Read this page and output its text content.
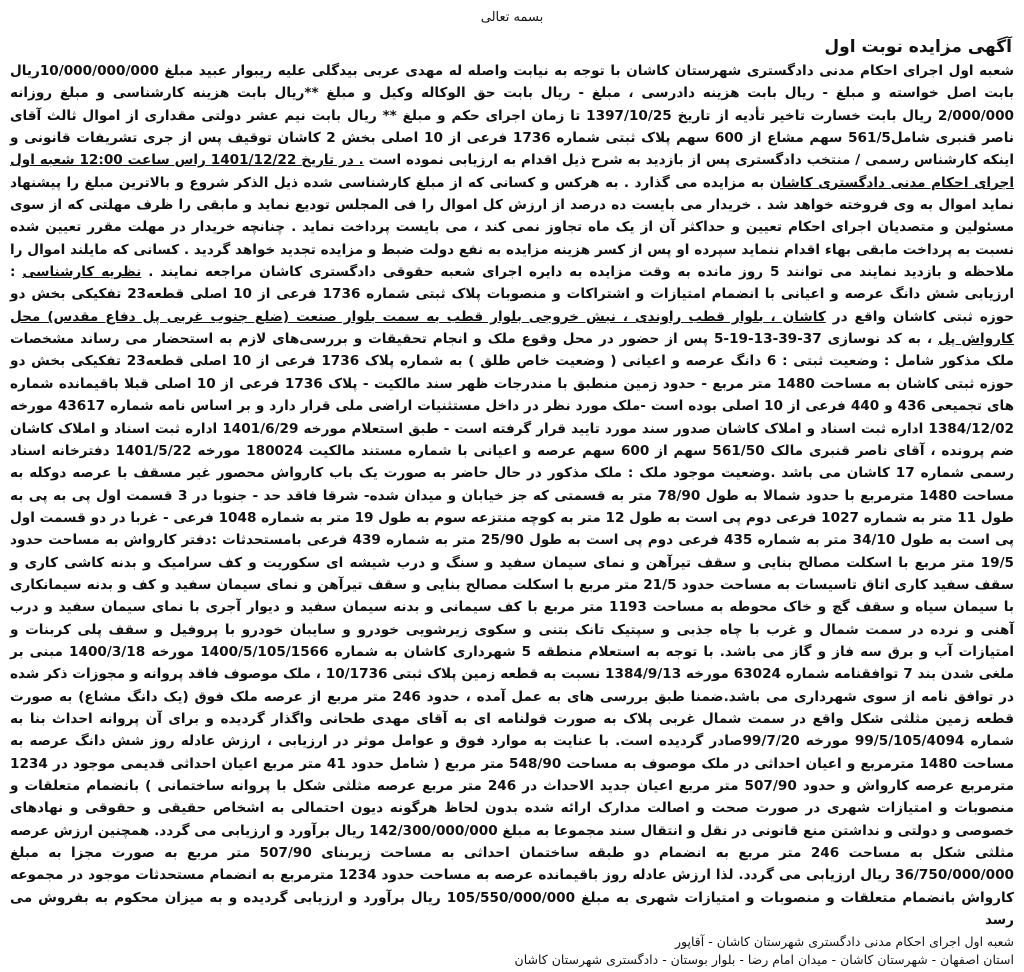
بسمه تعالی
آگهی مزایده نوبت اول
شعبه اول اجرای احکام مدنی دادگستری شهرستان کاشان با توجه به نیابت واصله له مهدی عربی بیدگلی علیه ریبوار عبید مبلغ 10/000/000/000ریال بابت اصل خواسته و مبلغ - ریال بابت هزینه دادرسی ، مبلغ - ریال بابت حق الوکاله وکیل و مبلغ **ریال بابت هزینه کارشناسی و مبلغ روزانه 2/000/000 ریال بابت خسارت تاخیر تأدیه از تاریخ 1397/10/25 تا زمان اجرای حکم و مبلغ ** ریال بابت نیم عشر دولتی مقداری از اموال ثالث آقای ناصر قنبری شامل561/5 سهم مشاع از 600 سهم پلاک ثبتی شماره 1736 فرعی از 10 اصلی بخش 2 کاشان توقیف پس از جری تشریفات قانونی و اینکه کارشناس رسمی / منتخب دادگستری پس از بازدید به شرح ذیل اقدام به ارزیابی نموده است . در تاریخ 1401/12/22 راس ساعت 12:00 شعبه اول اجرای احکام مدنی دادگستری کاشان به مزایده می گذارد . به هرکس و کسانی که از مبلغ کارشناسی شده ذیل الذکر شروع و بالاترین مبلغ را پیشنهاد نماید اموال به وی فروخته خواهد شد . خریدار می بایست ده درصد از ارزش کل اموال را فی المجلس تودیع نماید و مابقی را ظرف مهلتی که از سوی مسئولین و متصدیان اجرای احکام تعیین و حداکثر آن از یک ماه تجاوز نمی کند ، می بایست پرداخت نماید . چنانچه خریدار در مهلت مقرر تعیین شده نسبت به پرداخت مابقی بهاء اقدام ننماید سپرده او پس از کسر هزینه مزایده به نفع دولت ضبط و مزایده تجدید خواهد گردید . کسانی که مایلند اموال را ملاحظه و بازدید نمایند می توانند 5 روز مانده به وقت مزایده به دایره اجرای شعبه حقوقی دادگستری کاشان مراجعه نمایند . نظریه کارشناسی : ارزیابی شش دانگ عرصه و اعیانی با انضمام امتیازات و اشتراکات و منصوبات پلاک ثبتی شماره 1736 فرعی از 10 اصلی قطعه23 تفکیکی بخش دو حوزه ثبتی کاشان واقع در کاشان ، بلوار قطب راوندی ، نبش خروجی بلوار قطب به سمت بلوار صنعت (ضلع جنوب غربی پل دفاع مقدس) محل کارواش پل ، به کد نوسازی 37-39-13-19-5 پس از حضور در محل وقوع ملک و انجام تحقیقات و بررسی‌های لازم به استحضار می رساند مشخصات ملک مذکور شامل : وضعیت ثبتی : 6 دانگ عرصه و اعیانی ( وضعیت خاص طلق ) به شماره پلاک 1736 فرعی از 10 اصلی قطعه23 تفکیکی بخش دو حوزه ثبتی کاشان به مساحت 1480 متر مربع - حدود زمین منطبق با مندرجات ظهر سند مالکیت - پلاک 1736 فرعی از 10 اصلی قبلا باقیمانده شماره های تجمیعی 436 و 440 فرعی از 10 اصلی بوده است -ملک مورد نظر در داخل مستثنیات اراضی ملی قرار دارد و بر اساس نامه شماره 43617 مورخه 1384/12/02 اداره ثبت اسناد و املاک کاشان صدور سند مورد تایید قرار گرفته است - طبق استعلام مورخه 1401/6/29 اداره ثبت اسناد و املاک کاشان ضم پرونده ، آقای ناصر قنبری مالک 561/50 سهم از 600 سهم عرصه و اعیانی با شماره مستند مالکیت 180024 مورخه 1401/5/22 دفترخانه اسناد رسمی شماره 17 کاشان می باشد .وضعیت موجود ملک : ملک مذکور در حال حاضر به صورت یک باب کارواش محصور غیر مسقف با عرصه دوکله به مساحت 1480 مترمربع با حدود شمالا به طول 78/90 متر به قسمتی که جز خیابان و میدان شده- شرقا فاقد حد - جنوبا در 3 قسمت اول پی به پی به طول 11 متر به شماره 1027 فرعی دوم پی است به طول 12 متر به کوچه منتزعه سوم به طول 19 متر به شماره 1048 فرعی - غربا در دو قسمت اول پی است به طول 34/10 متر به شماره 435 فرعی دوم پی است به طول 25/90 متر به شماره 439 فرعی بامستحدثات :دفتر کارواش به مساحت حدود 19/5 متر مربع با اسکلت مصالح بنایی و سقف تیرآهن و نمای سیمان سفید و سنگ و درب شیشه ای سکوریت و کف سرامیک و بدنه کاشی کاری و سقف سفید کاری اتاق تاسیسات به مساحت حدود 21/5 متر مربع با اسکلت مصالح بنایی و سقف تیرآهن و نمای سیمان سفید و کف و بدنه سیمانکاری با سیمان سیاه و سقف گچ و خاک محوطه به مساحت 1193 متر مربع با کف سیمانی و بدنه سیمان سفید و دیوار آجری با نمای سیمان سفید و درب آهنی و نرده در سمت شمال و غرب با چاه جذبی و سپتیک تانک بتنی و سکوی زیرشویی خودرو و سایبان خودرو با پروفیل و سقف پلی کربنات و امتیازات آب و برق سه فاز و گاز می باشد. با توجه به استعلام منطقه 5 شهرداری کاشان به شماره 1400/5/105/1566 مورخه 1400/3/18 مبنی بر ملغی شدن بند 7 توافقنامه شماره 63024 مورخه 1384/9/13 نسبت به قطعه زمین پلاک ثبتی 10/1736 ، ملک موصوف فاقد پروانه و مجوزات ذکر شده در توافق نامه از سوی شهرداری می باشد.ضمنا طبق بررسی های به عمل آمده ، حدود 246 متر مربع از عرصه ملک فوق (یک دانگ مشاع) به صورت قطعه زمین مثلثی شکل واقع در سمت شمال غربی پلاک به صورت قولنامه ای به آقای مهدی طحانی واگذار گردیده و برای آن پروانه احداث بنا به شماره 99/5/105/4094 مورخه 99/7/20صادر گردیده است. با عنایت به موارد فوق و عوامل موثر در ارزیابی ، ارزش عادله روز شش دانگ عرصه به مساحت 1480 مترمربع و اعیان احداثی در ملک موصوف به مساحت 548/90 متر مربع ( شامل حدود 41 متر مربع اعیان احداثی قدیمی موجود در 1234 مترمربع عرصه کارواش و حدود 507/90 متر مربع اعیان جدید الاحداث در 246 متر مربع عرصه مثلثی شکل با پروانه ساختمانی ) بانضمام متعلقات و منصوبات و امتیازات شهری در صورت صحت و اصالت مدارک ارائه شده بدون لحاظ هرگونه دیون احتمالی به اشخاص حقیقی و حقوقی و نهادهای خصوصی و دولتی و نداشتن منع قانونی در نقل و انتقال سند مجموعا به مبلغ 142/300/000/000 ریال برآورد و ارزیابی می گردد. همچنین ارزش عرصه مثلثی شکل به مساحت 246 متر مربع به انضمام دو طبقه ساختمان احداثی به مساحت زیربنای 507/90 متر مربع به صورت مجزا به مبلغ 36/750/000/000 ریال ارزیابی می گردد. لذا ارزش عادله روز باقیمانده عرصه به مساحت حدود 1234 مترمربع به انضمام مستحدثات موجود در مجموعه کارواش بانضمام متعلقات و منصوبات و امتیازات شهری به مبلغ 105/550/000/000 ریال برآورد و ارزیابی گردیده و به میزان محکوم به بفروش می رسد
شعبه اول اجرای احکام مدنی دادگستری شهرستان کاشان - آقاپور
استان اصفهان - شهرستان کاشان - میدان امام رضا - بلوار بوستان - دادگستری شهرستان کاشان
